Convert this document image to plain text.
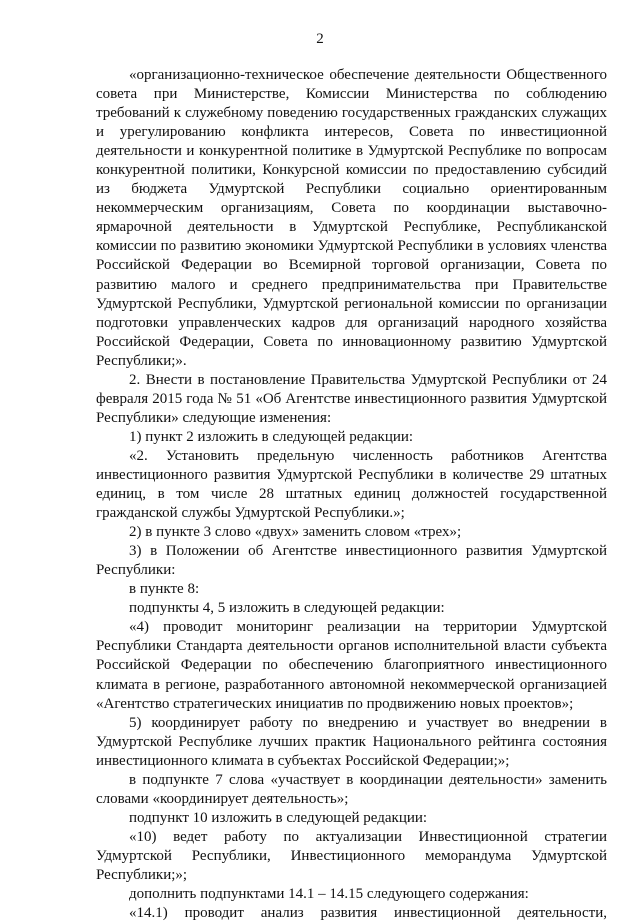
2

«организационно-техническое обеспечение деятельности Общественного совета при Министерстве, Комиссии Министерства по соблюдению требований к служебному поведению государственных гражданских служащих и урегулированию конфликта интересов, Совета по инвестиционной деятельности и конкурентной политике в Удмуртской Республике по вопросам конкурентной политики, Конкурсной комиссии по предоставлению субсидий из бюджета Удмуртской Республики социально ориентированным некоммерческим организациям, Совета по координации выставочно-ярмарочной деятельности в Удмуртской Республике, Республиканской комиссии по развитию экономики Удмуртской Республики в условиях членства Российской Федерации во Всемирной торговой организации, Совета по развитию малого и среднего предпринимательства при Правительстве Удмуртской Республики, Удмуртской региональной комиссии по организации подготовки управленческих кадров для организаций народного хозяйства Российской Федерации, Совета по инновационному развитию Удмуртской Республики;».

2. Внести в постановление Правительства Удмуртской Республики от 24 февраля 2015 года № 51 «Об Агентстве инвестиционного развития Удмуртской Республики» следующие изменения:

1) пункт 2 изложить в следующей редакции:

«2. Установить предельную численность работников Агентства инвестиционного развития Удмуртской Республики в количестве 29 штатных единиц, в том числе 28 штатных единиц должностей государственной гражданской службы Удмуртской Республики.»;

2) в пункте 3 слово «двух» заменить словом «трех»;

3) в Положении об Агентстве инвестиционного развития Удмуртской Республики:

в пункте 8:

подпункты 4, 5 изложить в следующей редакции:

«4) проводит мониторинг реализации на территории Удмуртской Республики Стандарта деятельности органов исполнительной власти субъекта Российской Федерации по обеспечению благоприятного инвестиционного климата в регионе, разработанного автономной некоммерческой организацией «Агентство стратегических инициатив по продвижению новых проектов»;

5) координирует работу по внедрению и участвует во внедрении в Удмуртской Республике лучших практик Национального рейтинга состояния инвестиционного климата в субъектах Российской Федерации;»;

в подпункте 7 слова «участвует в координации деятельности» заменить словами «координирует деятельность»;

подпункт 10 изложить в следующей редакции:

«10) ведет работу по актуализации Инвестиционной стратегии Удмуртской Республики, Инвестиционного меморандума Удмуртской Республики;»;

дополнить подпунктами 14.1 – 14.15 следующего содержания:

«14.1) проводит анализ развития инвестиционной деятельности,
